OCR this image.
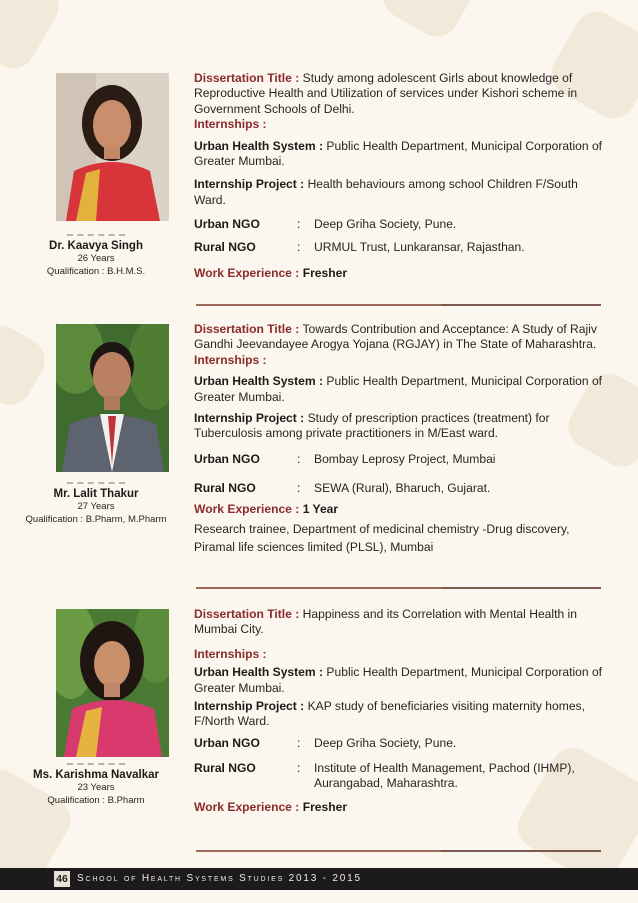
Dr. Kaavya Singh
26 Years
Qualification : B.H.M.S.

Dissertation Title : Study among adolescent Girls about knowledge of Reproductive Health and Utilization of services under Kishori scheme in Government Schools of Delhi.

Internships :

Urban Health System : Public Health Department, Municipal Corporation of Greater Mumbai.

Internship Project : Health behaviours among school Children F/South Ward.

Urban NGO	: Deep Griha Society, Pune.
Rural NGO	: URMUL Trust, Lunkaransar, Rajasthan.

Work Experience : Fresher

Mr. Lalit Thakur
27 Years
Qualification : B.Pharm, M.Pharm

Dissertation Title : Towards Contribution and Acceptance: A Study of Rajiv Gandhi Jeevandayee Arogya Yojana (RGJAY) in The State of Maharashtra.

Internships :

Urban Health System : Public Health Department, Municipal Corporation of Greater Mumbai.

Internship Project : Study of prescription practices (treatment) for Tuberculosis among private practitioners in M/East ward.

Urban NGO	: Bombay Leprosy Project, Mumbai
Rural NGO	: SEWA (Rural), Bharuch, Gujarat.

Work Experience : 1 Year

Research trainee, Department of medicinal chemistry -Drug discovery, Piramal life sciences limited (PLSL), Mumbai

Ms. Karishma Navalkar
23 Years
Qualification : B.Pharm

Dissertation Title : Happiness and its Correlation with Mental Health in Mumbai City.

Internships :

Urban Health System : Public Health Department, Municipal Corporation of Greater Mumbai.

Internship Project : KAP study of beneficiaries visiting maternity homes, F/North Ward.

Urban NGO	: Deep Griha Society, Pune.
Rural NGO	: Institute of Health Management, Pachod (IHMP), Aurangabad, Maharashtra.

Work Experience : Fresher

46 School of Health Systems Studies 2013 - 2015
